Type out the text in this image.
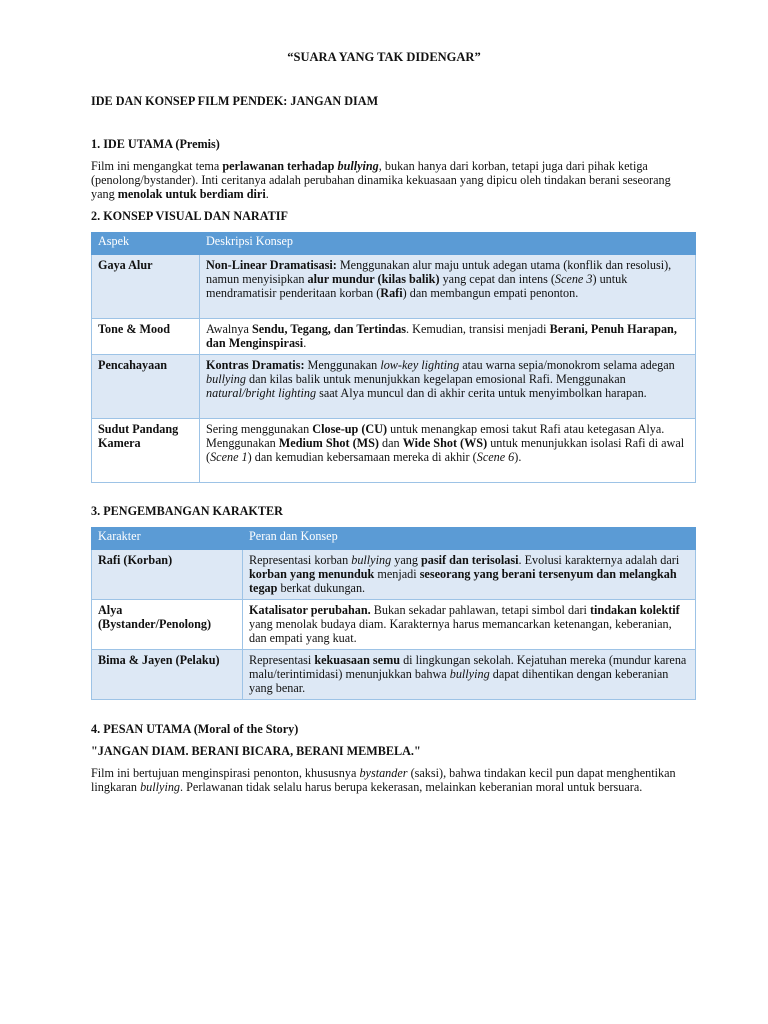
“SUARA YANG TAK DIDENGAR”
IDE DAN KONSEP FILM PENDEK: JANGAN DIAM
1. IDE UTAMA (Premis)

Film ini mengangkat tema perlawanan terhadap bullying, bukan hanya dari korban, tetapi juga dari pihak ketiga (penolong/bystander). Inti ceritanya adalah perubahan dinamika kekuasaan yang dipicu oleh tindakan berani seseorang yang menolak untuk berdiam diri.

2. KONSEP VISUAL DAN NARATIF
Aspek	Deskripsi Konsep
Gaya Alur	Non-Linear Dramatisasi: Menggunakan alur maju untuk adegan utama (konflik dan resolusi), namun menyisipkan alur mundur (kilas balik) yang cepat dan intens (Scene 3) untuk mendramatisir penderitaan korban (Rafi) dan membangun empati penonton.
Tone & Mood	Awalnya Sendu, Tegang, dan Tertindas. Kemudian, transisi menjadi Berani, Penuh Harapan, dan Menginspirasi.
Pencahayaan	Kontras Dramatis: Menggunakan low-key lighting atau warna sepia/monokrom selama adegan bullying dan kilas balik untuk menunjukkan kegelapan emosional Rafi. Menggunakan natural/bright lighting saat Alya muncul dan di akhir cerita untuk menyimbolkan harapan.
Sudut Pandang Kamera	Sering menggunakan Close-up (CU) untuk menangkap emosi takut Rafi atau ketegasan Alya. Menggunakan Medium Shot (MS) dan Wide Shot (WS) untuk menunjukkan isolasi Rafi di awal (Scene 1) dan kemudian kebersamaan mereka di akhir (Scene 6).
3. PENGEMBANGAN KARAKTER
Karakter	Peran dan Konsep
Rafi (Korban)	Representasi korban bullying yang pasif dan terisolasi. Evolusi karakternya adalah dari korban yang menunduk menjadi seseorang yang berani tersenyum dan melangkah tegap berkat dukungan.
Alya (Bystander/Penolong)	Katalisator perubahan. Bukan sekadar pahlawan, tetapi simbol dari tindakan kolektif yang menolak budaya diam. Karakternya harus memancarkan ketenangan, keberanian, dan empati yang kuat.
Bima & Jayen (Pelaku)	Representasi kekuasaan semu di lingkungan sekolah. Kejatuhan mereka (mundur karena malu/terintimidasi) menunjukkan bahwa bullying dapat dihentikan dengan keberanian yang benar.
4. PESAN UTAMA (Moral of the Story)
"JANGAN DIAM. BERANI BICARA, BERANI MEMBELA."

Film ini bertujuan menginspirasi penonton, khususnya bystander (saksi), bahwa tindakan kecil pun dapat menghentikan lingkaran bullying. Perlawanan tidak selalu harus berupa kekerasan, melainkan keberanian moral untuk bersuara.
